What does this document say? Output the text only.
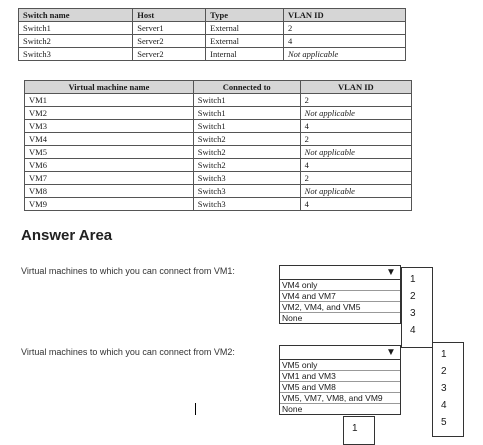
Switch name	Host	Type	VLAN ID
Switch1	Server1	External	2
Switch2	Server2	External	4
Switch3	Server2	Internal	Not applicable
Virtual machine name	Connected to	VLAN ID
VM1	Switch1	2
VM2	Switch1	Not applicable
VM3	Switch1	4
VM4	Switch2	2
VM5	Switch2	Not applicable
VM6	Switch2	4
VM7	Switch3	2
VM8	Switch3	Not applicable
VM9	Switch3	4
Answer Area
Virtual machines to which you can connect from VM1:	▼
VM4 only
VM4 and VM7
VM2, VM4, and VM5
None
1
2
3
4
Virtual machines to which you can connect from VM2:	▼
VM5 only
VM1 and VM3
VM5 and VM8
VM5, VM7, VM8, and VM9
None
1
2
3
4
5
1
